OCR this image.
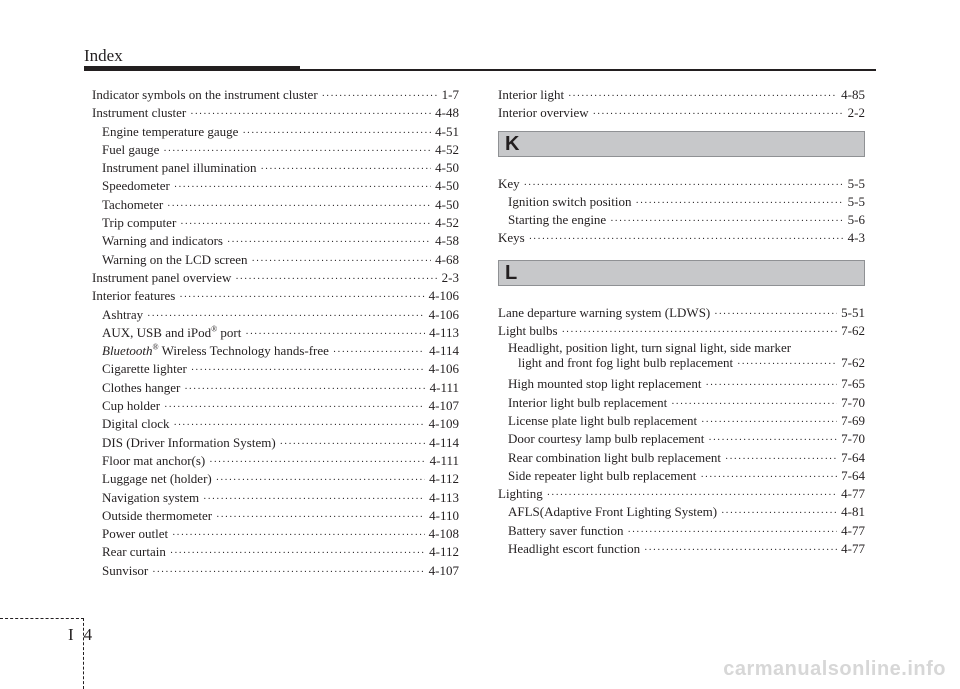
Index
Indicator symbols on the instrument cluster ·····	1-7
Instrument cluster ·····	4-48
Engine temperature gauge ·····	4-51
Fuel gauge ·····	4-52
Instrument panel illumination ·····	4-50
Speedometer ·····	4-50
Tachometer ·····	4-50
Trip computer ·····	4-52
Warning and indicators ·····	4-58
Warning on the LCD screen ·····	4-68
Instrument panel overview ·····	2-3
Interior features ·····	4-106
Ashtray ·····	4-106
AUX, USB and iPod® port ·····	4-113
Bluetooth® Wireless Technology hands-free ·····	4-114
Cigarette lighter ·····	4-106
Clothes hanger ·····	4-111
Cup holder ·····	4-107
Digital clock ·····	4-109
DIS (Driver Information System) ·····	4-114
Floor mat anchor(s) ·····	4-111
Luggage net (holder) ·····	4-112
Navigation system ·····	4-113
Outside thermometer ·····	4-110
Power outlet ·····	4-108
Rear curtain ·····	4-112
Sunvisor ·····	4-107
Interior light ·····	4-85
Interior overview ·····	2-2
K
Key ·····	5-5
Ignition switch position ·····	5-5
Starting the engine ·····	5-6
Keys ·····	4-3
L
Lane departure warning system (LDWS) ·····	5-51
Light bulbs ·····	7-62
Headlight, position light, turn signal light, side marker
light and front fog light bulb replacement ·····	7-62
High mounted stop light replacement ·····	7-65
Interior light bulb replacement ·····	7-70
License plate light bulb replacement ·····	7-69
Door courtesy lamp bulb replacement ·····	7-70
Rear combination light bulb replacement ·····	7-64
Side repeater light bulb replacement ·····	7-64
Lighting ·····	4-77
AFLS(Adaptive Front Lighting System) ·····	4-81
Battery saver function ·····	4-77
Headlight escort function ·····	4-77
I 4
carmanualsonline.info
